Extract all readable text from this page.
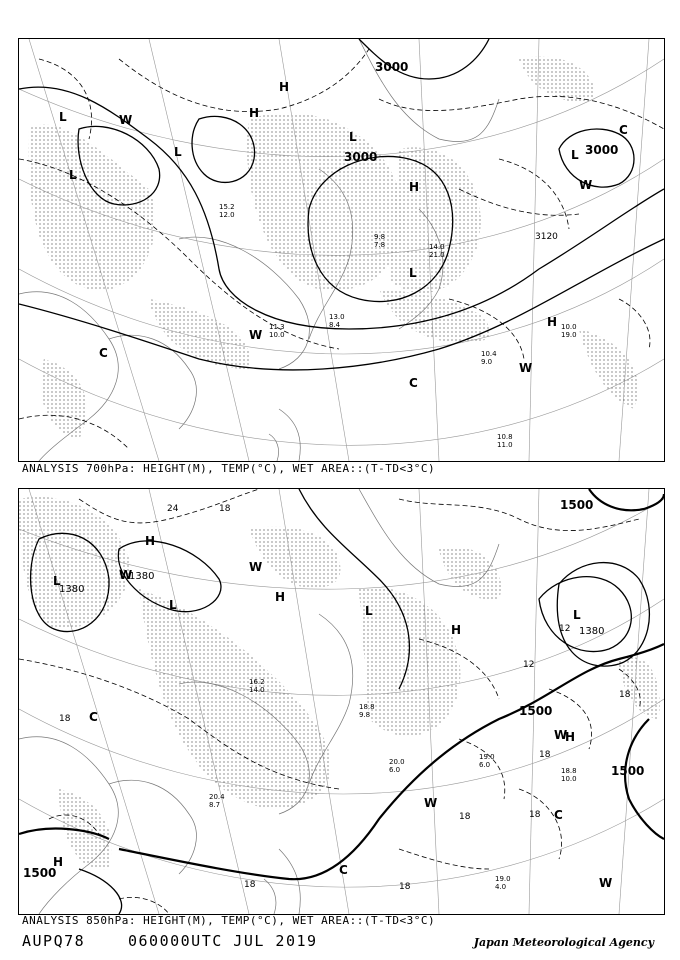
10.4
9.0
10.8
11.0
10.0
19.0
11.3
10.0
13.0
8.4
15.2
12.0
14.0
21.0
9.8
7.8
W
W
W
W
C
C
C
H
H
H
H
L
L
L
L
L
L
3000
3000	3000
3120
ANALYSIS 700hPa: HEIGHT(M), TEMP(°C), WET AREA::(T-TD<3°C)
19.0
6.0
18.8
10.0
19.0
4.0
20.4
8.7
18.8
9.8
16.2
14.0
20.0
6.0
24	18
18
12
12
18
18
18	18
18
18
W
W
W
W
W
C
C
C
H
H
H
H
H
L
L	L	L
1500
1500
1500
1380
1380
1380
1500
ANALYSIS 850hPa: HEIGHT(M), TEMP(°C), WET AREA::(T-TD<3°C)
AUPQ78	060000UTC JUL 2019	Japan Meteorological Agency
